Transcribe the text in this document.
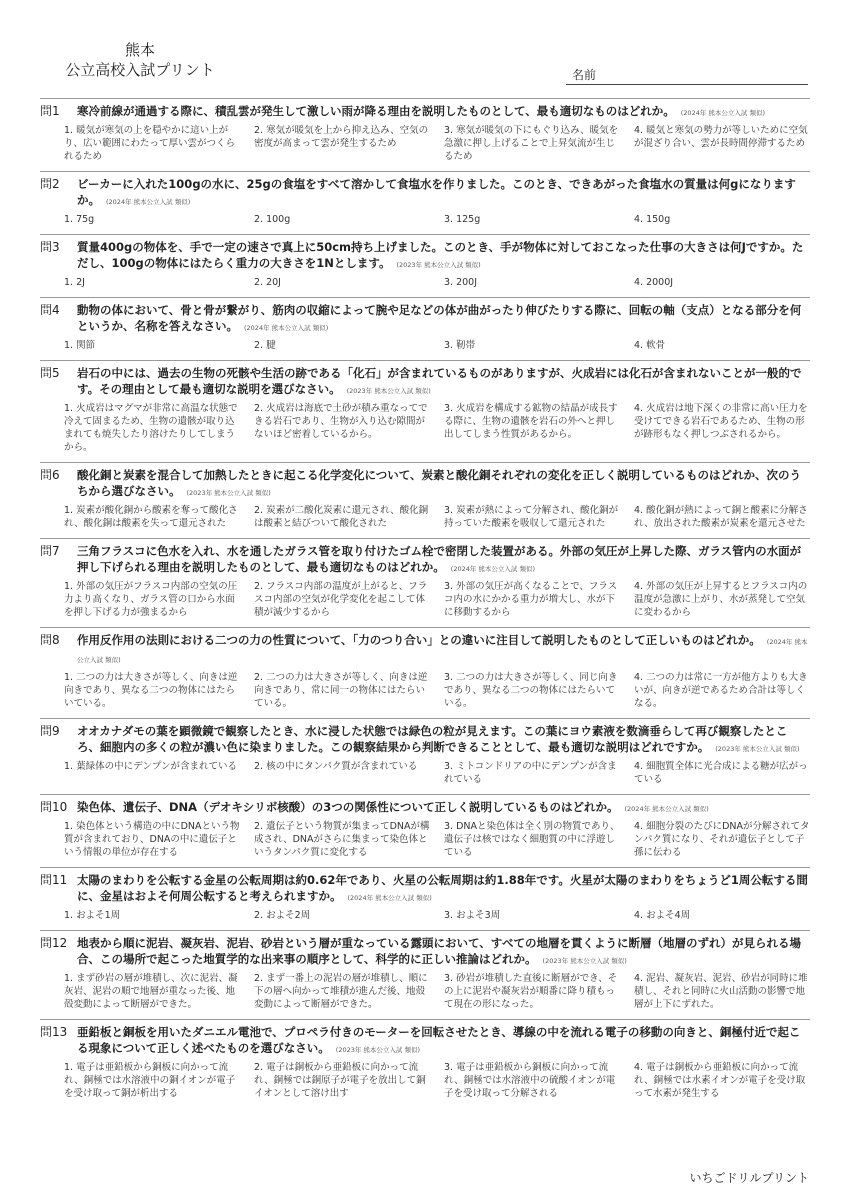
熊本
公立高校入試プリント	名前
問1	寒冷前線が通過する際に、積乱雲が発生して激しい雨が降る理由を説明したものとして、最も適切なものはどれか。 (2024年 熊本公立入試 類似)
1. 暖気が寒気の上を穏やかに這い上がり、広い範囲にわたって厚い雲がつくられるため
2. 寒気が暖気を上から抑え込み、空気の密度が高まって雲が発生するため
3. 寒気が暖気の下にもぐり込み、暖気を急激に押し上げることで上昇気流が生じるため
4. 暖気と寒気の勢力が等しいために空気が混ざり合い、雲が長時間停滞するため
問2	ビーカーに入れた100gの水に、25gの食塩をすべて溶かして食塩水を作りました。このとき、できあがった食塩水の質量は何gになりますか。 (2024年 熊本公立入試 類似)
1. 75g	2. 100g	3. 125g	4. 150g
問3	質量400gの物体を、手で一定の速さで真上に50cm持ち上げました。このとき、手が物体に対しておこなった仕事の大きさは何Jですか。ただし、100gの物体にはたらく重力の大きさを1Nとします。 (2023年 熊本公立入試 類似)
1. 2J	2. 20J	3. 200J	4. 2000J
問4	動物の体において、骨と骨が繋がり、筋肉の収縮によって腕や足などの体が曲がったり伸びたりする際に、回転の軸（支点）となる部分を何というか、名称を答えなさい。 (2024年 熊本公立入試 類似)
1. 関節	2. 腱	3. 靭帯	4. 軟骨
問5	岩石の中には、過去の生物の死骸や生活の跡である「化石」が含まれているものがありますが、火成岩には化石が含まれないことが一般的です。その理由として最も適切な説明を選びなさい。 (2023年 熊本公立入試 類似)
1. 火成岩はマグマが非常に高温な状態で冷えて固まるため、生物の遺骸が取り込まれても焼失したり溶けたりしてしまうから。
2. 火成岩は海底で土砂が積み重なってできる岩石であり、生物が入り込む隙間がないほど密着しているから。
3. 火成岩を構成する鉱物の結晶が成長する際に、生物の遺骸を岩石の外へと押し出してしまう性質があるから。
4. 火成岩は地下深くの非常に高い圧力を受けてできる岩石であるため、生物の形が跡形もなく押しつぶされるから。
問6	酸化銅と炭素を混合して加熱したときに起こる化学変化について、炭素と酸化銅それぞれの変化を正しく説明しているものはどれか、次のうちから選びなさい。 (2023年 熊本公立入試 類似)
1. 炭素が酸化銅から酸素を奪って酸化され、酸化銅は酸素を失って還元された
2. 炭素が二酸化炭素に還元され、酸化銅は酸素と結びついて酸化された
3. 炭素が熱によって分解され、酸化銅が持っていた酸素を吸収して還元された
4. 酸化銅が熱によって銅と酸素に分解され、放出された酸素が炭素を還元させた
問7	三角フラスコに色水を入れ、水を通したガラス管を取り付けたゴム栓で密閉した装置がある。外部の気圧が上昇した際、ガラス管内の水面が押し下げられる理由を説明したものとして、最も適切なものはどれか。 (2024年 熊本公立入試 類似)
1. 外部の気圧がフラスコ内部の空気の圧力より高くなり、ガラス管の口から水面を押し下げる力が強まるから
2. フラスコ内部の温度が上がると、フラスコ内部の空気が化学変化を起こして体積が減少するから
3. 外部の気圧が高くなることで、フラスコ内の水にかかる重力が増大し、水が下に移動するから
4. 外部の気圧が上昇するとフラスコ内の温度が急激に上がり、水が蒸発して空気に変わるから
問8	作用反作用の法則における二つの力の性質について、「力のつり合い」との違いに注目して説明したものとして正しいものはどれか。 (2024年 熊本公立入試 類似)
1. 二つの力は大きさが等しく、向きは逆向きであり、異なる二つの物体にはたらいている。
2. 二つの力は大きさが等しく、向きは逆向きであり、常に同一の物体にはたらいている。
3. 二つの力は大きさが等しく、同じ向きであり、異なる二つの物体にはたらいている。
4. 二つの力は常に一方が他方よりも大きいが、向きが逆であるため合計は等しくなる。
問9	オオカナダモの葉を顕微鏡で観察したとき、水に浸した状態では緑色の粒が見えます。この葉にヨウ素液を数滴垂らして再び観察したところ、細胞内の多くの粒が濃い色に染まりました。この観察結果から判断できることとして、最も適切な説明はどれですか。 (2023年 熊本公立入試 類似)
1. 葉緑体の中にデンプンが含まれている	2. 核の中にタンパク質が含まれている	3. ミトコンドリアの中にデンプンが含まれている
4. 細胞質全体に光合成による糖が広がっている
問10 染色体、遺伝子、DNA（デオキシリボ核酸）の3つの関係性について正しく説明しているものはどれか。 (2024年 熊本公立入試 類似)
1. 染色体という構造の中にDNAという物質が含まれており、DNAの中に遺伝子という情報の単位が存在する
2. 遺伝子という物質が集まってDNAが構成され、DNAがさらに集まって染色体というタンパク質に変化する
3. DNAと染色体は全く別の物質であり、遺伝子は核ではなく細胞質の中に浮遊している
4. 細胞分裂のたびにDNAが分解されてタンパク質になり、それが遺伝子として子孫に伝わる
問11 太陽のまわりを公転する金星の公転周期は約0.62年であり、火星の公転周期は約1.88年です。火星が太陽のまわりをちょうど1周公転する間に、金星はおよそ何周公転すると考えられますか。 (2024年 熊本公立入試 類似)
1. およそ1周	2. およそ2周	3. およそ3周	4. およそ4周
問12 地表から順に泥岩、凝灰岩、泥岩、砂岩という層が重なっている露頭において、すべての地層を貫くように断層（地層のずれ）が見られる場合、この場所で起こった地質学的な出来事の順序として、科学的に正しい推論はどれか。 (2023年 熊本公立入試 類似)
1. まず砂岩の層が堆積し、次に泥岩、凝灰岩、泥岩の順で地層が重なった後、地殻変動によって断層ができた。
2. まず一番上の泥岩の層が堆積し、順に下の層へ向かって堆積が進んだ後、地殻変動によって断層ができた。
3. 砂岩が堆積した直後に断層ができ、その上に泥岩や凝灰岩が順番に降り積もって現在の形になった。
4. 泥岩、凝灰岩、泥岩、砂岩が同時に堆積し、それと同時に火山活動の影響で地層が上下にずれた。
問13 亜鉛板と銅板を用いたダニエル電池で、プロペラ付きのモーターを回転させたとき、導線の中を流れる電子の移動の向きと、銅極付近で起こる現象について正しく述べたものを選びなさい。 (2023年 熊本公立入試 類似)
1. 電子は亜鉛板から銅板に向かって流れ、銅極では水溶液中の銅イオンが電子を受け取って銅が析出する
2. 電子は銅板から亜鉛板に向かって流れ、銅極では銅原子が電子を放出して銅イオンとして溶け出す
3. 電子は亜鉛板から銅板に向かって流れ、銅極では水溶液中の硫酸イオンが電子を受け取って分解される
4. 電子は銅板から亜鉛板に向かって流れ、銅極では水素イオンが電子を受け取って水素が発生する
いちごドリルプリント
